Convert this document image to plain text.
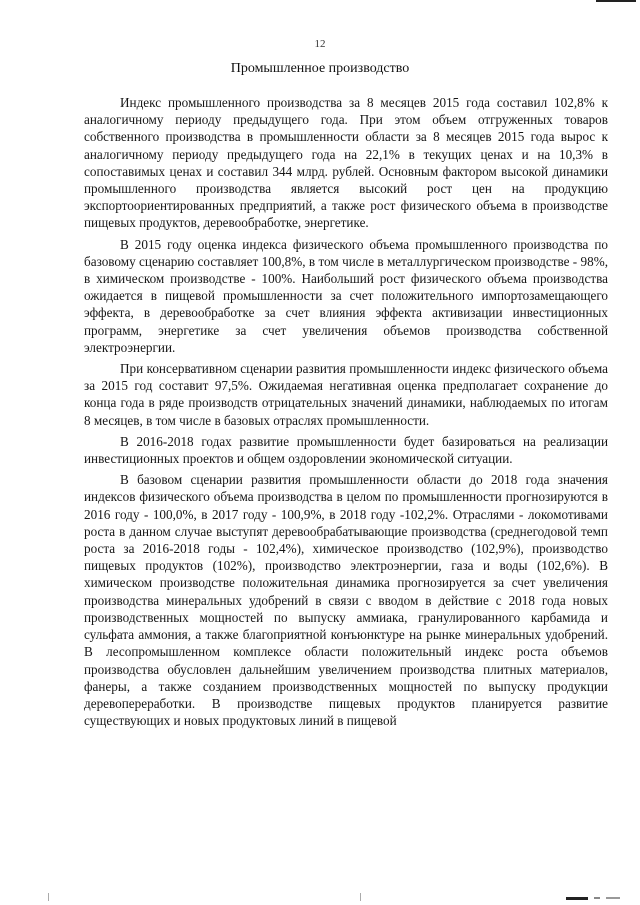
12
Промышленное производство

Индекс промышленного производства за 8 месяцев 2015 года составил 102,8% к аналогичному периоду предыдущего года. При этом объем отгруженных товаров собственного производства в промышленности области за 8 месяцев 2015 года вырос к аналогичному периоду предыдущего года на 22,1% в текущих ценах и на 10,3% в сопоставимых ценах и составил 344 млрд. рублей. Основным фактором высокой динамики промышленного производства является высокий рост цен на продукцию экспортоориентированных предприятий, а также рост физического объема в производстве пищевых продуктов, деревообработке, энергетике.

В 2015 году оценка индекса физического объема промышленного производства по базовому сценарию составляет 100,8%, в том числе в металлургическом производстве - 98%, в химическом производстве - 100%. Наибольший рост физического объема производства ожидается в пищевой промышленности за счет положительного импортозамещающего эффекта, в деревообработке за счет влияния эффекта активизации инвестиционных программ, энергетике за счет увеличения объемов производства собственной электроэнергии.

При консервативном сценарии развития промышленности индекс физического объема за 2015 год составит 97,5%. Ожидаемая негативная оценка предполагает сохранение до конца года в ряде производств отрицательных значений динамики, наблюдаемых по итогам 8 месяцев, в том числе в базовых отраслях промышленности.

В 2016-2018 годах развитие промышленности будет базироваться на реализации инвестиционных проектов и общем оздоровлении экономической ситуации.

В базовом сценарии развития промышленности области до 2018 года значения индексов физического объема производства в целом по промышленности прогнозируются в 2016 году - 100,0%, в 2017 году - 100,9%, в 2018 году -102,2%. Отраслями - локомотивами роста в данном случае выступят деревообрабатывающие производства (среднегодовой темп роста за 2016-2018 годы - 102,4%), химическое производство (102,9%), производство пищевых продуктов (102%), производство электроэнергии, газа и воды (102,6%). В химическом производстве положительная динамика прогнозируется за счет увеличения производства минеральных удобрений в связи с вводом в действие с 2018 года новых производственных мощностей по выпуску аммиака, гранулированного карбамида и сульфата аммония, а также благоприятной конъюнктуре на рынке минеральных удобрений. В лесопромышленном комплексе области положительный индекс роста объемов производства обусловлен дальнейшим увеличением производства плитных материалов, фанеры, а также созданием производственных мощностей по выпуску продукции деревопереработки. В производстве пищевых продуктов планируется развитие существующих и новых продуктовых линий в пищевой
